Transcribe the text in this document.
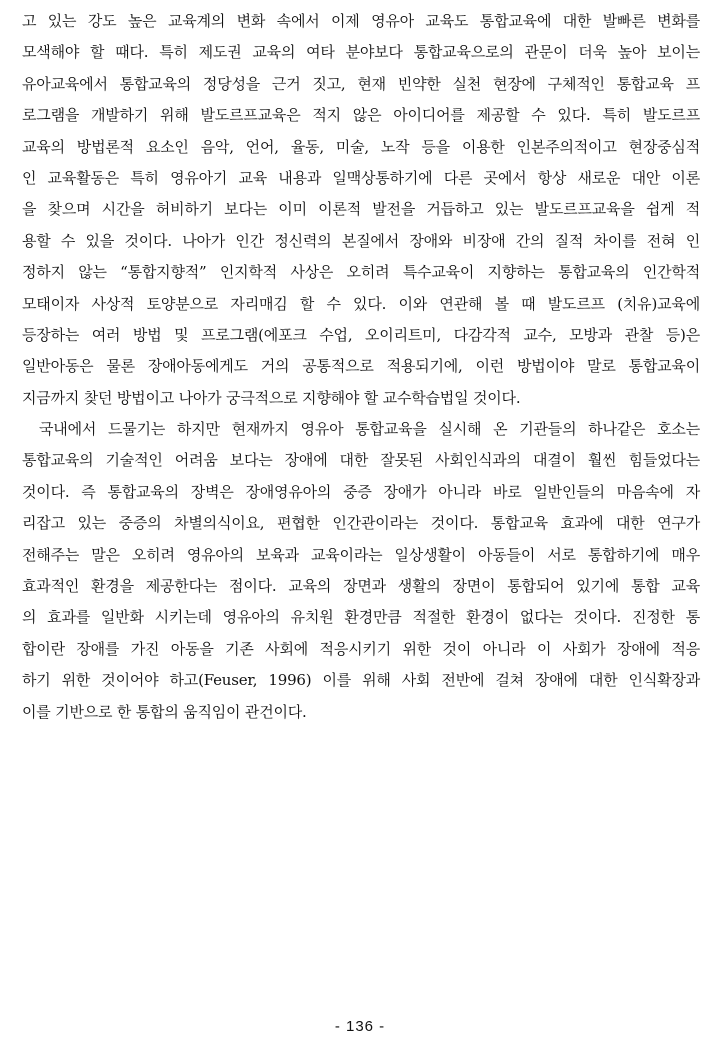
고 있는 강도 높은 교육계의 변화 속에서 이제 영유아 교육도 통합교육에 대한 발빠른 변화를
모색해야 할 때다. 특히 제도권 교육의 여타 분야보다 통합교육으로의 관문이 더욱 높아 보이는
유아교육에서 통합교육의 정당성을 근거 짓고, 현재 빈약한 실천 현장에 구체적인 통합교육 프
로그램을 개발하기 위해 발도르프교육은 적지 않은 아이디어를 제공할 수 있다. 특히 발도르프
교육의 방법론적 요소인 음악, 언어, 율동, 미술, 노작 등을 이용한 인본주의적이고 현장중심적
인 교육활동은 특히 영유아기 교육 내용과 일맥상통하기에 다른 곳에서 항상 새로운 대안 이론
을 찾으며 시간을 허비하기 보다는 이미 이론적 발전을 거듭하고 있는 발도르프교육을 쉽게 적
용할 수 있을 것이다. 나아가 인간 정신력의 본질에서 장애와 비장애 간의 질적 차이를 전혀 인
정하지 않는 “통합지향적” 인지학적 사상은 오히려 특수교육이 지향하는 통합교육의 인간학적
모태이자 사상적 토양분으로 자리매김 할 수 있다. 이와 연관해 볼 때 발도르프 (치유)교육에
등장하는 여러 방법 및 프로그램(에포크 수업, 오이리트미, 다감각적 교수, 모방과 관찰 등)은
일반아동은 물론 장애아동에게도 거의 공통적으로 적용되기에, 이런 방법이야 말로 통합교육이
지금까지 찾던 방법이고 나아가 궁극적으로 지향해야 할 교수학습법일 것이다.
국내에서 드물기는 하지만 현재까지 영유아 통합교육을 실시해 온 기관들의 하나같은 호소는
통합교육의 기술적인 어려움 보다는 장애에 대한 잘못된 사회인식과의 대결이 훨씬 힘들었다는
것이다. 즉 통합교육의 장벽은 장애영유아의 중증 장애가 아니라 바로 일반인들의 마음속에 자
리잡고 있는 중증의 차별의식이요, 편협한 인간관이라는 것이다. 통합교육 효과에 대한 연구가
전해주는 말은 오히려 영유아의 보육과 교육이라는 일상생활이 아동들이 서로 통합하기에 매우
효과적인 환경을 제공한다는 점이다. 교육의 장면과 생활의 장면이 통합되어 있기에 통합 교육
의 효과를 일반화 시키는데 영유아의 유치원 환경만큼 적절한 환경이 없다는 것이다. 진정한 통
합이란 장애를 가진 아동을 기존 사회에 적응시키기 위한 것이 아니라 이 사회가 장애에 적응
하기 위한 것이어야 하고(Feuser, 1996) 이를 위해 사회 전반에 걸쳐 장애에 대한 인식확장과
이를 기반으로 한 통합의 움직임이 관건이다.
- 136 -
